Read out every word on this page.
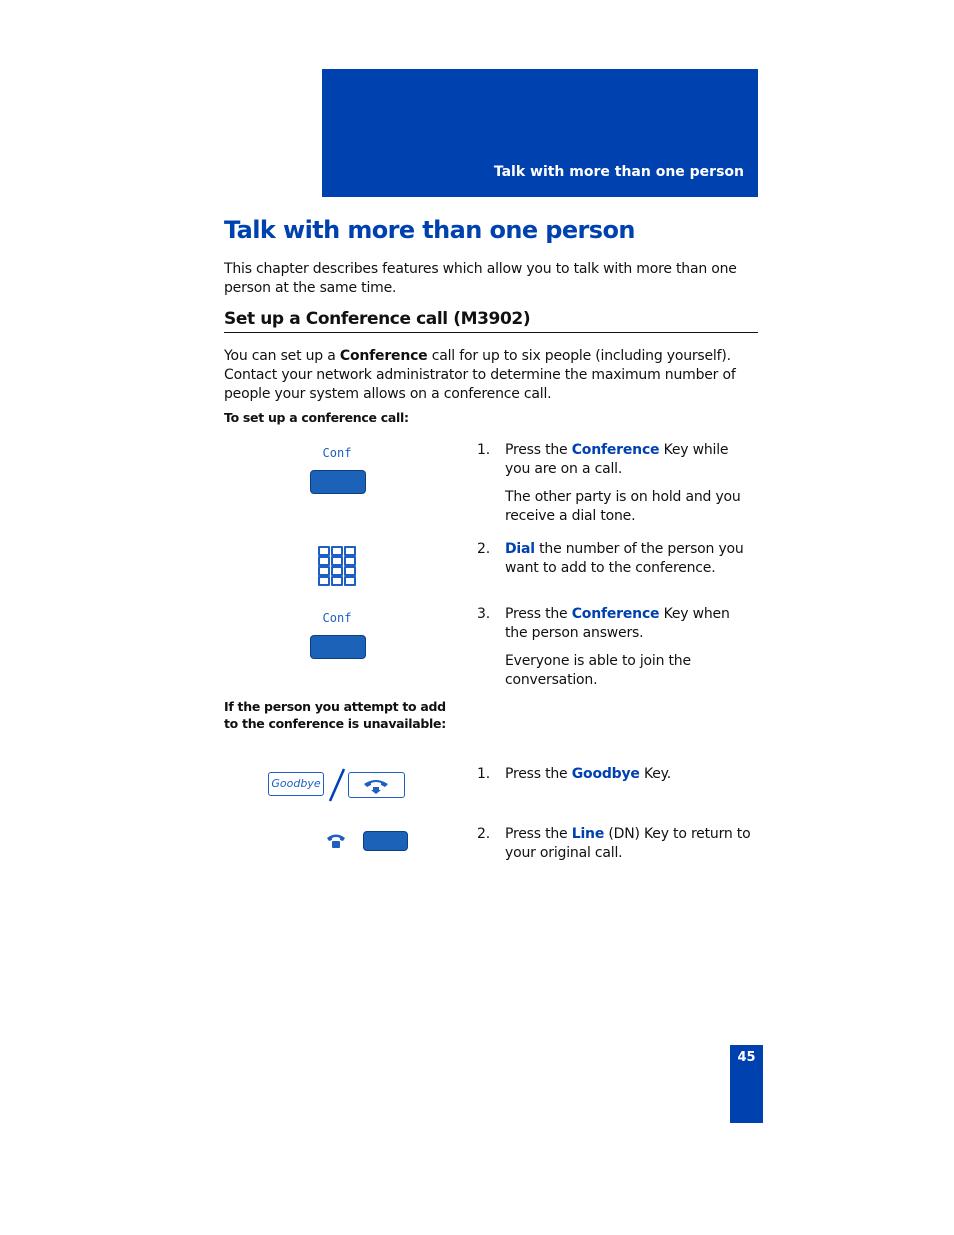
Talk with more than one person
Talk with more than one person

This chapter describes features which allow you to talk with more than one person at the same time.

Set up a Conference call (M3902)

You can set up a Conference call for up to six people (including yourself). Contact your network administrator to determine the maximum number of people your system allows on a conference call.

To set up a conference call:

Conf	1. Press the Conference Key while you are on a call.
The other party is on hold and you receive a dial tone.
2. Dial the number of the person you want to add to the conference.
Conf	3. Press the Conference Key when the person answers.
Everyone is able to join the conversation.

If the person you attempt to add to the conference is unavailable:

Goodbye
1. Press the Goodbye Key.
2. Press the Line (DN) Key to return to your original call.
45
